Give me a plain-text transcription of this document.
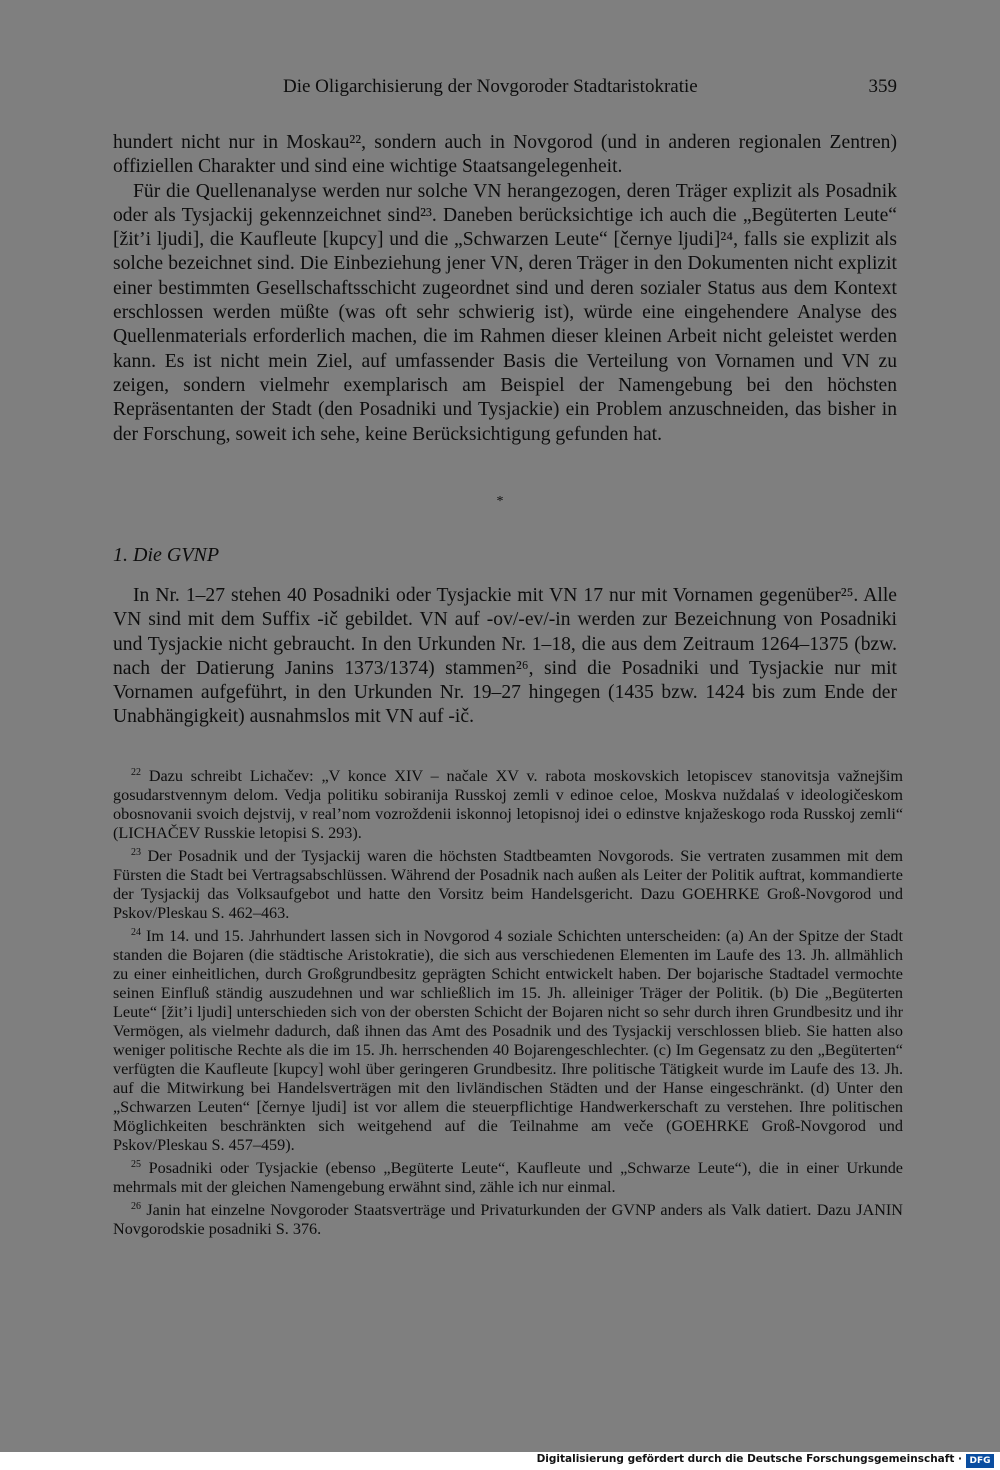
Die Oligarchisierung der Novgoroder Stadtaristokratie	359

hundert nicht nur in Moskau²², sondern auch in Novgorod (und in anderen regionalen Zentren) offiziellen Charakter und sind eine wichtige Staatsangelegenheit.

Für die Quellenanalyse werden nur solche VN herangezogen, deren Träger explizit als Posadnik oder als Tysjackij gekennzeichnet sind²³. Daneben berücksichtige ich auch die „Begüterten Leute“ [žit’i ljudi], die Kaufleute [kupcy] und die „Schwarzen Leute“ [černye ljudi]²⁴, falls sie explizit als solche bezeichnet sind. Die Einbeziehung jener VN, deren Träger in den Dokumenten nicht explizit einer bestimmten Gesellschaftsschicht zugeordnet sind und deren sozialer Status aus dem Kontext erschlossen werden müßte (was oft sehr schwierig ist), würde eine eingehendere Analyse des Quellenmaterials erforderlich machen, die im Rahmen dieser kleinen Arbeit nicht geleistet werden kann. Es ist nicht mein Ziel, auf umfassender Basis die Verteilung von Vornamen und VN zu zeigen, sondern vielmehr exemplarisch am Beispiel der Namengebung bei den höchsten Repräsentanten der Stadt (den Posadniki und Tysjackie) ein Problem anzuschneiden, das bisher in der Forschung, soweit ich sehe, keine Berücksichtigung gefunden hat.

*
1. Die GVNP

In Nr. 1–27 stehen 40 Posadniki oder Tysjackie mit VN 17 nur mit Vornamen gegenüber²⁵. Alle VN sind mit dem Suffix -ič gebildet. VN auf -ov/-ev/-in werden zur Bezeichnung von Posadniki und Tysjackie nicht gebraucht. In den Urkunden Nr. 1–18, die aus dem Zeitraum 1264–1375 (bzw. nach der Datierung Janins 1373/1374) stammen²⁶, sind die Posadniki und Tysjackie nur mit Vornamen aufgeführt, in den Urkunden Nr. 19–27 hingegen (1435 bzw. 1424 bis zum Ende der Unabhängigkeit) ausnahmslos mit VN auf -ič.

$^{22}$ Dazu schreibt Lichačev: „V konce XIV – načale XV v. rabota moskovskich letopiscev stanovitsja važnejšim gosudarstvennym delom. Vedja politiku sobiranija Russkoj zemli v edinoe celoe, Moskva nuždalaś v ideologičeskom obosnovanii svoich dejstvij, v real’nom vozroždenii iskonnoj letopisnoj idei o edinstve knjažeskogo roda Russkoj zemli“ (LICHAČEV Russkie letopisi S. 293).

$^{23}$ Der Posadnik und der Tysjackij waren die höchsten Stadtbeamten Novgorods. Sie vertraten zusammen mit dem Fürsten die Stadt bei Vertragsabschlüssen. Während der Posadnik nach außen als Leiter der Politik auftrat, kommandierte der Tysjackij das Volksaufgebot und hatte den Vorsitz beim Handelsgericht. Dazu GOEHRKE Groß-Novgorod und Pskov/Pleskau S. 462–463.

$^{24}$ Im 14. und 15. Jahrhundert lassen sich in Novgorod 4 soziale Schichten unterscheiden: (a) An der Spitze der Stadt standen die Bojaren (die städtische Aristokratie), die sich aus verschiedenen Elementen im Laufe des 13. Jh. allmählich zu einer einheitlichen, durch Großgrundbesitz geprägten Schicht entwickelt haben. Der bojarische Stadtadel vermochte seinen Einfluß ständig auszudehnen und war schließlich im 15. Jh. alleiniger Träger der Politik. (b) Die „Begüterten Leute“ [žit’i ljudi] unterschieden sich von der obersten Schicht der Bojaren nicht so sehr durch ihren Grundbesitz und ihr Vermögen, als vielmehr dadurch, daß ihnen das Amt des Posadnik und des Tysjackij verschlossen blieb. Sie hatten also weniger politische Rechte als die im 15. Jh. herrschenden 40 Bojarengeschlechter. (c) Im Gegensatz zu den „Begüterten“ verfügten die Kaufleute [kupcy] wohl über geringeren Grundbesitz. Ihre politische Tätigkeit wurde im Laufe des 13. Jh. auf die Mitwirkung bei Handelsverträgen mit den livländischen Städten und der Hanse eingeschränkt. (d) Unter den „Schwarzen Leuten“ [černye ljudi] ist vor allem die steuerpflichtige Handwerkerschaft zu verstehen. Ihre politischen Möglichkeiten beschränkten sich weitgehend auf die Teilnahme am veče (GOEHRKE Groß-Novgorod und Pskov/Pleskau S. 457–459).

$^{25}$ Posadniki oder Tysjackie (ebenso „Begüterte Leute“, Kaufleute und „Schwarze Leute“), die in einer Urkunde mehrmals mit der gleichen Namengebung erwähnt sind, zähle ich nur einmal.

$^{26}$ Janin hat einzelne Novgoroder Staatsverträge und Privaturkunden der GVNP anders als Valk datiert. Dazu JANIN Novgorodskie posadniki S. 376.

Digitalisierung gefördert durch die Deutsche Forschungsgemeinschaft · DFG
